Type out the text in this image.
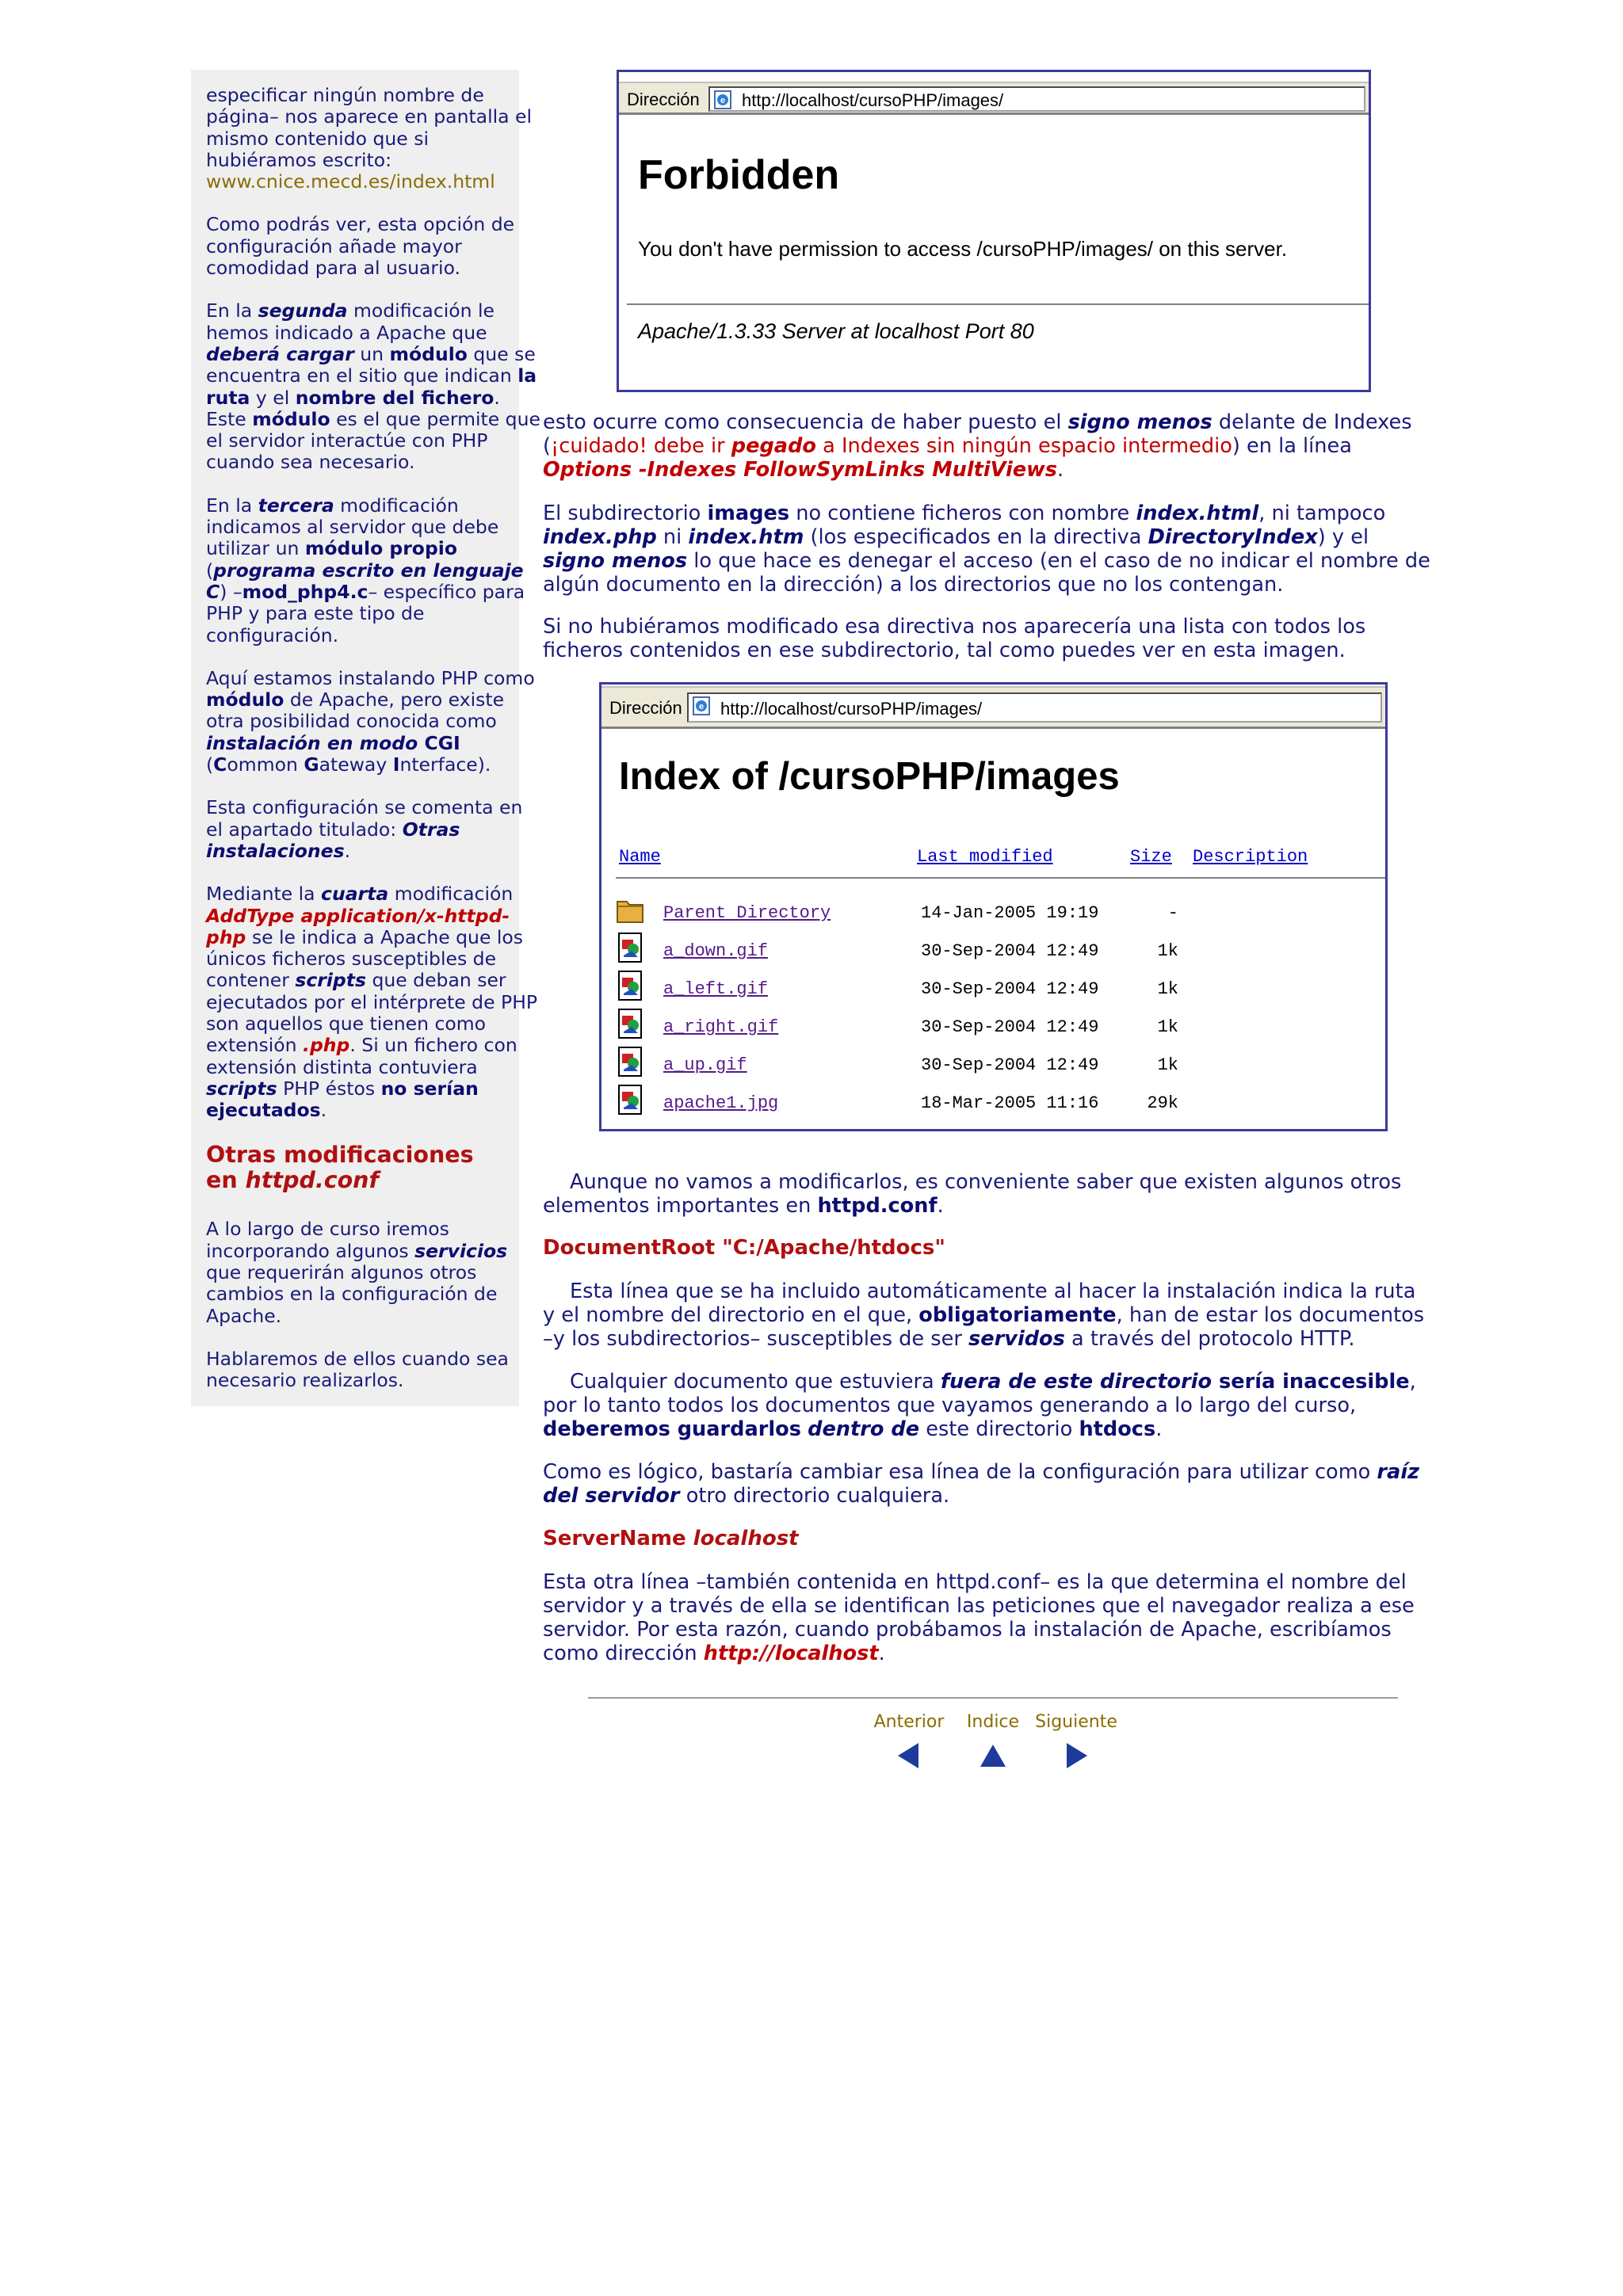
especificar ningún nombre de página– nos aparece en pantalla el mismo contenido que si hubiéramos escrito: www.cnice.mecd.es/index.html

Como podrás ver, esta opción de configuración añade mayor comodidad para al usuario.

En la segunda modificación le hemos indicado a Apache que deberá cargar un módulo que se encuentra en el sitio que indican la ruta y el nombre del fichero. Este módulo es el que permite que el servidor interactúe con PHP cuando sea necesario.

En la tercera modificación indicamos al servidor que debe utilizar un módulo propio (programa escrito en lenguaje C) –mod_php4.c– específico para PHP y para este tipo de configuración.

Aquí estamos instalando PHP como módulo de Apache, pero existe otra posibilidad conocida como instalación en modo CGI (Common Gateway Interface).

Esta configuración se comenta en el apartado titulado: Otras instalaciones.

Mediante la cuarta modificación AddType application/x-httpd-php se le indica a Apache que los únicos ficheros susceptibles de contener scripts que deban ser ejecutados por el intérprete de PHP son aquellos que tienen como extensión .php. Si un fichero con extensión distinta contuviera scripts PHP éstos no serían ejecutados.

Otras modificaciones
en httpd.conf

A lo largo de curso iremos incorporando algunos servicios que requerirán algunos otros cambios en la configuración de Apache.

Hablaremos de ellos cuando sea necesario realizarlos.

Dirección e http://localhost/cursoPHP/images/
Forbidden
You don't have permission to access /cursoPHP/images/ on this server.
Apache/1.3.33 Server at localhost Port 80
esto ocurre como consecuencia de haber puesto el signo menos delante de Indexes (¡cuidado! debe ir pegado a Indexes sin ningún espacio intermedio) en la línea Options -Indexes FollowSymLinks MultiViews.
El subdirectorio images no contiene ficheros con nombre index.html, ni tampoco index.php ni index.htm (los especificados en la directiva DirectoryIndex) y el signo menos lo que hace es denegar el acceso (en el caso de no indicar el nombre de algún documento en la dirección) a los directorios que no los contengan.
Si no hubiéramos modificado esa directiva nos aparecería una lista con todos los ficheros contenidos en ese subdirectorio, tal como puedes ver en esta imagen.
Dirección e http://localhost/cursoPHP/images/
Index of /cursoPHP/images
Name	Last modified	Size Description
Parent Directory	14-Jan-2005 19:19	-
a_down.gif	30-Sep-2004 12:49	1k
a_left.gif	30-Sep-2004 12:49	1k
a_right.gif	30-Sep-2004 12:49	1k
a_up.gif	30-Sep-2004 12:49	1k
apache1.jpg	18-Mar-2005 11:16	29k
Aunque no vamos a modificarlos, es conveniente saber que existen algunos otros elementos importantes en httpd.conf.
DocumentRoot "C:/Apache/htdocs"
Esta línea que se ha incluido automáticamente al hacer la instalación indica la ruta y el nombre del directorio en el que, obligatoriamente, han de estar los documentos –y los subdirectorios– susceptibles de ser servidos a través del protocolo HTTP.
Cualquier documento que estuviera fuera de este directorio sería inaccesible, por lo tanto todos los documentos que vayamos generando a lo largo del curso, deberemos guardarlos dentro de este directorio htdocs.
Como es lógico, bastaría cambiar esa línea de la configuración para utilizar como raíz del servidor otro directorio cualquiera.
ServerName localhost
Esta otra línea –también contenida en httpd.conf– es la que determina el nombre del servidor y a través de ella se identifican las peticiones que el navegador realiza a ese servidor. Por esta razón, cuando probábamos la instalación de Apache, escribíamos como dirección http://localhost.
Anterior	Indice Siguiente
